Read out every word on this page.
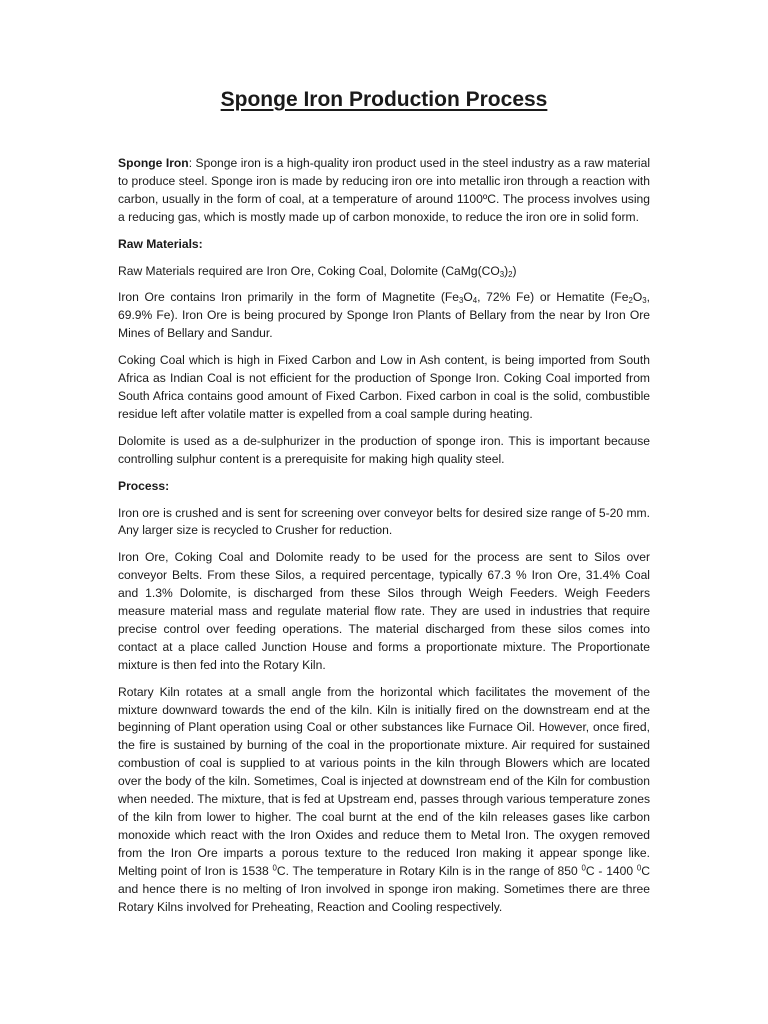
Sponge Iron Production Process

Sponge Iron: Sponge iron is a high-quality iron product used in the steel industry as a raw material to produce steel. Sponge iron is made by reducing iron ore into metallic iron through a reaction with carbon, usually in the form of coal, at a temperature of around 1100ºC. The process involves using a reducing gas, which is mostly made up of carbon monoxide, to reduce the iron ore in solid form.

Raw Materials:

Raw Materials required are Iron Ore, Coking Coal, Dolomite $(CaMg(CO_3)_2)$

Iron Ore contains Iron primarily in the form of Magnetite ($Fe_3O_4$, 72% Fe) or Hematite ($Fe_2O_3$, 69.9% Fe). Iron Ore is being procured by Sponge Iron Plants of Bellary from the near by Iron Ore Mines of Bellary and Sandur.

Coking Coal which is high in Fixed Carbon and Low in Ash content, is being imported from South Africa as Indian Coal is not efficient for the production of Sponge Iron. Coking Coal imported from South Africa contains good amount of Fixed Carbon. Fixed carbon in coal is the solid, combustible residue left after volatile matter is expelled from a coal sample during heating.

Dolomite is used as a de-sulphurizer in the production of sponge iron. This is important because controlling sulphur content is a prerequisite for making high quality steel.

Process:

Iron ore is crushed and is sent for screening over conveyor belts for desired size range of 5-20 mm. Any larger size is recycled to Crusher for reduction.

Iron Ore, Coking Coal and Dolomite ready to be used for the process are sent to Silos over conveyor Belts. From these Silos, a required percentage, typically 67.3 % Iron Ore, 31.4% Coal and 1.3% Dolomite, is discharged from these Silos through Weigh Feeders. Weigh Feeders measure material mass and regulate material flow rate. They are used in industries that require precise control over feeding operations. The material discharged from these silos comes into contact at a place called Junction House and forms a proportionate mixture. The Proportionate mixture is then fed into the Rotary Kiln.

Rotary Kiln rotates at a small angle from the horizontal which facilitates the movement of the mixture downward towards the end of the kiln. Kiln is initially fired on the downstream end at the beginning of Plant operation using Coal or other substances like Furnace Oil. However, once fired, the fire is sustained by burning of the coal in the proportionate mixture. Air required for sustained combustion of coal is supplied to at various points in the kiln through Blowers which are located over the body of the kiln. Sometimes, Coal is injected at downstream end of the Kiln for combustion when needed. The mixture, that is fed at Upstream end, passes through various temperature zones of the kiln from lower to higher. The coal burnt at the end of the kiln releases gases like carbon monoxide which react with the Iron Oxides and reduce them to Metal Iron. The oxygen removed from the Iron Ore imparts a porous texture to the reduced Iron making it appear sponge like. Melting point of Iron is 1538 $^0$C. The temperature in Rotary Kiln is in the range of 850 $^0$C - 1400 $^0$C and hence there is no melting of Iron involved in sponge iron making. Sometimes there are three Rotary Kilns involved for Preheating, Reaction and Cooling respectively.
